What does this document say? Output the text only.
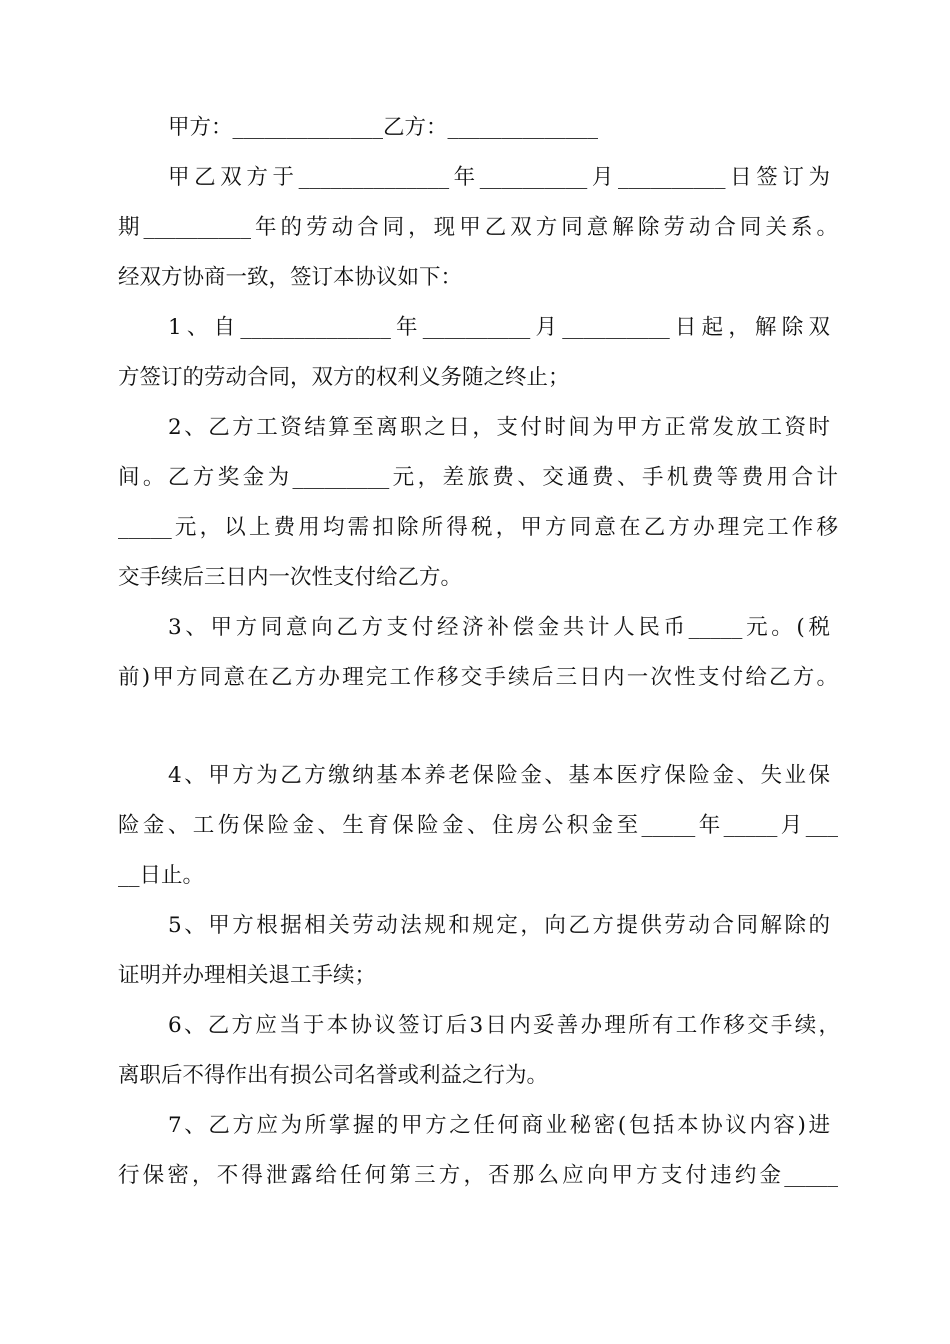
甲方：______________乙方：______________
甲乙双方于______________年__________月__________日签订为
期__________年的劳动合同，现甲乙双方同意解除劳动合同关系。
经双方协商一致，签订本协议如下：
1、自______________年__________月__________日起，解除双
方签订的劳动合同，双方的权利义务随之终止；
2、乙方工资结算至离职之日，支付时间为甲方正常发放工资时
间。乙方奖金为_________元，差旅费、交通费、手机费等费用合计
_____元，以上费用均需扣除所得税，甲方同意在乙方办理完工作移
交手续后三日内一次性支付给乙方。
3、甲方同意向乙方支付经济补偿金共计人民币_____元。(税
前)甲方同意在乙方办理完工作移交手续后三日内一次性支付给乙方。
4、甲方为乙方缴纳基本养老保险金、基本医疗保险金、失业保
险金、工伤保险金、生育保险金、住房公积金至_____年_____月___
__日止。
5、甲方根据相关劳动法规和规定，向乙方提供劳动合同解除的
证明并办理相关退工手续；
6、乙方应当于本协议签订后3日内妥善办理所有工作移交手续，
离职后不得作出有损公司名誉或利益之行为。
7、乙方应为所掌握的甲方之任何商业秘密(包括本协议内容)进
行保密，不得泄露给任何第三方，否那么应向甲方支付违约金_____
